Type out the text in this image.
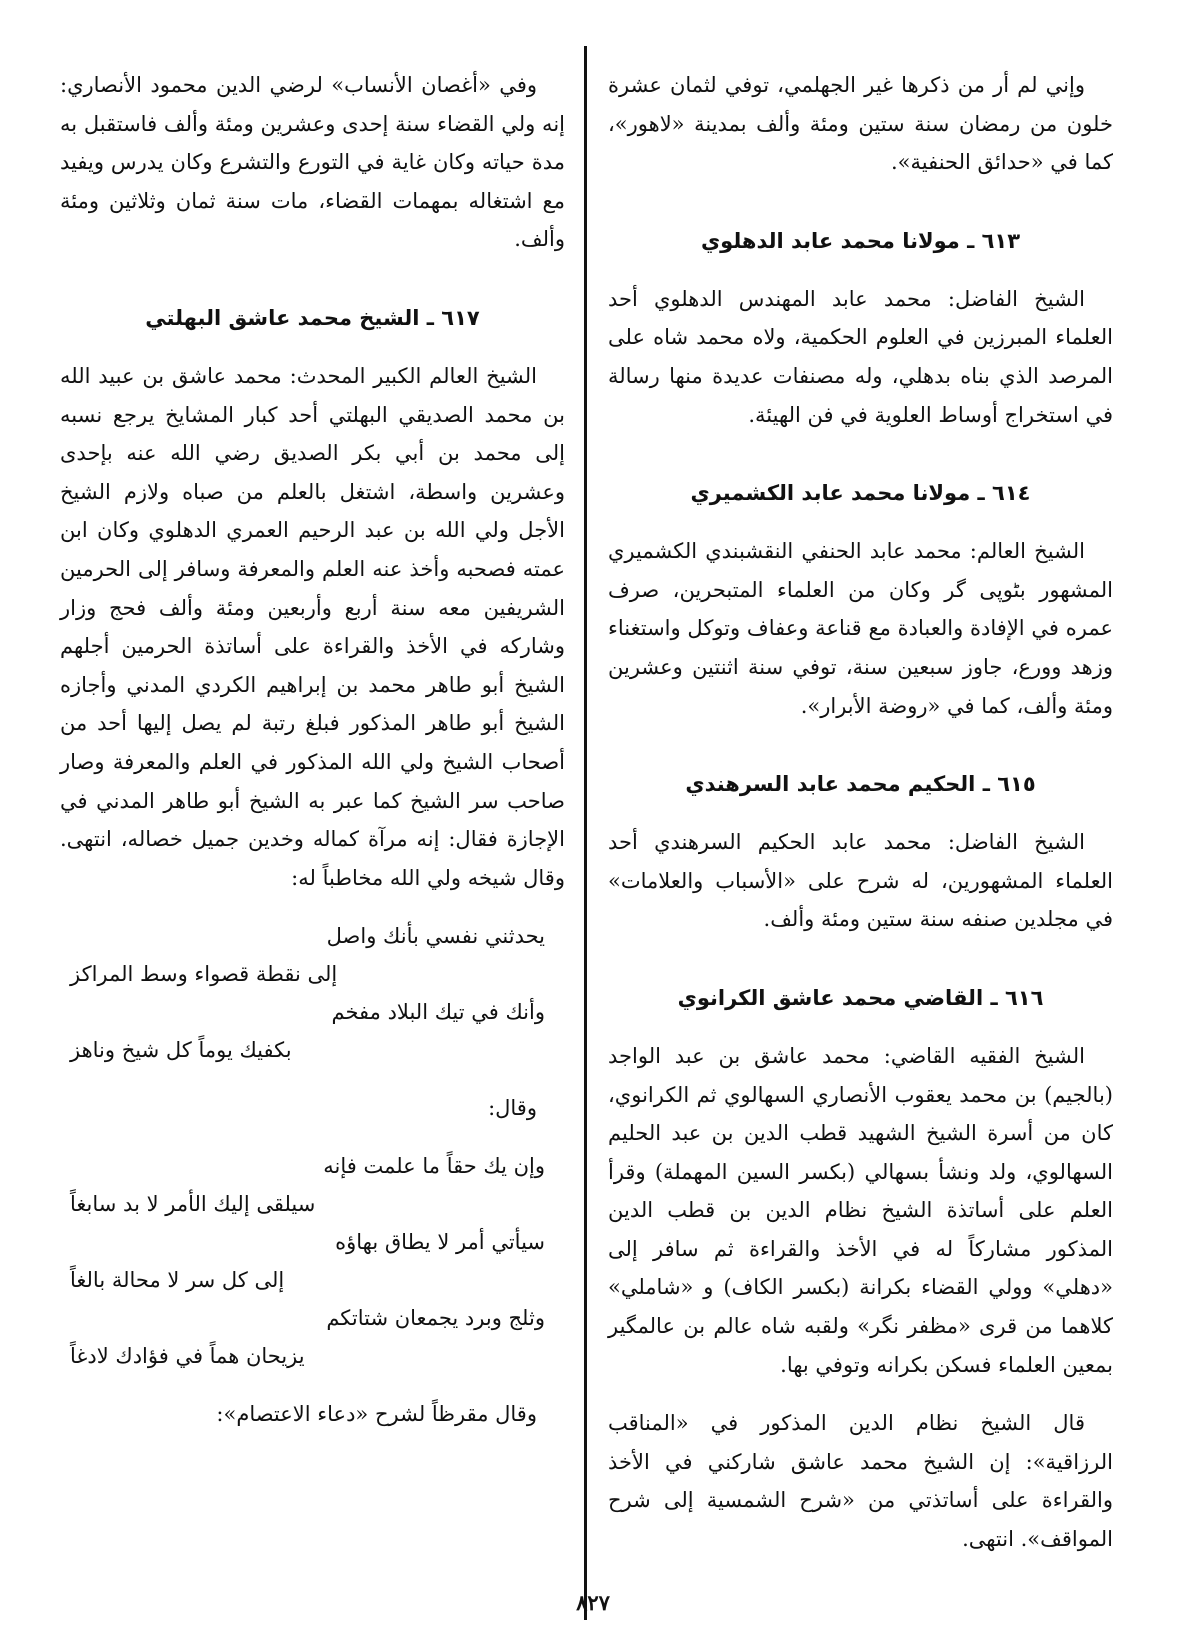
وإني لم أر من ذكرها غير الجهلمي، توفي لثمان عشرة خلون من رمضان سنة ستين ومئة وألف بمدينة «لاهور»، كما في «حدائق الحنفية».

٦١٣ ـ مولانا محمد عابد الدهلوي

الشيخ الفاضل: محمد عابد المهندس الدهلوي أحد العلماء المبرزين في العلوم الحكمية، ولاه محمد شاه على المرصد الذي بناه بدهلي، وله مصنفات عديدة منها رسالة في استخراج أوساط العلوية في فن الهيئة.

٦١٤ ـ مولانا محمد عابد الكشميري

الشيخ العالم: محمد عابد الحنفي النقشبندي الكشميري المشهور بٹوپی گر وكان من العلماء المتبحرين، صرف عمره في الإفادة والعبادة مع قناعة وعفاف وتوكل واستغناء وزهد وورع، جاوز سبعين سنة، توفي سنة اثنتين وعشرين ومئة وألف، كما في «روضة الأبرار».

٦١٥ ـ الحكيم محمد عابد السرهندي

الشيخ الفاضل: محمد عابد الحكيم السرهندي أحد العلماء المشهورين، له شرح على «الأسباب والعلامات» في مجلدين صنفه سنة ستين ومئة وألف.

٦١٦ ـ القاضي محمد عاشق الكرانوي

الشيخ الفقيه القاضي: محمد عاشق بن عبد الواجد (بالجيم) بن محمد يعقوب الأنصاري السهالوي ثم الكرانوي، كان من أسرة الشيخ الشهيد قطب الدين بن عبد الحليم السهالوي، ولد ونشأ بسهالي (بكسر السين المهملة) وقرأ العلم على أساتذة الشيخ نظام الدين بن قطب الدين المذكور مشاركاً له في الأخذ والقراءة ثم سافر إلى «دهلي» وولي القضاء بكرانة (بكسر الكاف) و «شاملي» كلاهما من قرى «مظفر نگر» ولقبه شاه عالم بن عالمگير بمعين العلماء فسكن بكرانه وتوفي بها.

قال الشيخ نظام الدين المذكور في «المناقب الرزاقية»: إن الشيخ محمد عاشق شاركني في الأخذ والقراءة على أساتذتي من «شرح الشمسية إلى شرح المواقف». انتهى.

وفي «أغصان الأنساب» لرضي الدين محمود الأنصاري: إنه ولي القضاء سنة إحدى وعشرين ومئة وألف فاستقبل به مدة حياته وكان غاية في التورع والتشرع وكان يدرس ويفيد مع اشتغاله بمهمات القضاء، مات سنة ثمان وثلاثين ومئة وألف.

٦١٧ ـ الشيخ محمد عاشق البهلتي

الشيخ العالم الكبير المحدث: محمد عاشق بن عبيد الله بن محمد الصديقي البهلتي أحد كبار المشايخ يرجع نسبه إلى محمد بن أبي بكر الصديق رضي الله عنه بإحدى وعشرين واسطة، اشتغل بالعلم من صباه ولازم الشيخ الأجل ولي الله بن عبد الرحيم العمري الدهلوي وكان ابن عمته فصحبه وأخذ عنه العلم والمعرفة وسافر إلى الحرمين الشريفين معه سنة أربع وأربعين ومئة وألف فحج وزار وشاركه في الأخذ والقراءة على أساتذة الحرمين أجلهم الشيخ أبو طاهر محمد بن إبراهيم الكردي المدني وأجازه الشيخ أبو طاهر المذكور فبلغ رتبة لم يصل إليها أحد من أصحاب الشيخ ولي الله المذكور في العلم والمعرفة وصار صاحب سر الشيخ كما عبر به الشيخ أبو طاهر المدني في الإجازة فقال: إنه مرآة كماله وخدين جميل خصاله، انتهى. وقال شيخه ولي الله مخاطباً له:

يحدثني نفسي بأنك واصل
إلى نقطة قصواء وسط المراكز
وأنك في تيك البلاد مفخم
بكفيك يوماً كل شيخ وناهز

وقال:

وإن يك حقاً ما علمت فإنه
سيلقى إليك الأمر لا بد سابغاً
سيأتي أمر لا يطاق بهاؤه
إلى كل سر لا محالة بالغاً
وثلج وبرد يجمعان شتاتكم
يزيحان هماً في فؤادك لادغاً

وقال مقرظاً لشرح «دعاء الاعتصام»:

٨٢٧
